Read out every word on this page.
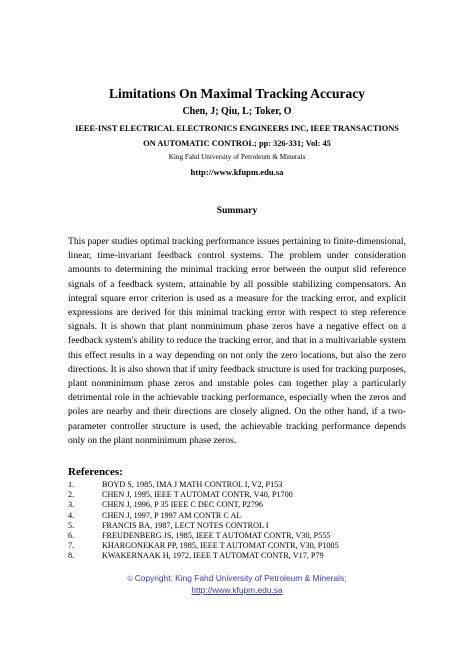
Limitations On Maximal Tracking Accuracy
Chen, J; Qiu, L; Toker, O
IEEE-INST ELECTRICAL ELECTRONICS ENGINEERS INC, IEEE TRANSACTIONS
ON AUTOMATIC CONTROL; pp: 326-331; Vol: 45
King Fahd University of Petroleum & Minerals
http://www.kfupm.edu.sa
Summary

This paper studies optimal tracking performance issues pertaining to finite-dimensional, linear, time-invariant feedback control systems. The problem under consideration amounts to determining the minimal tracking error between the output slid reference signals of a feedback system, attainable by all possible stabilizing compensators. An integral square error criterion is used as a measure for the tracking error, and explicit expressions are derived for this minimal tracking error with respect to step reference signals. It is shown that plant nonminimum phase zeros have a negative effect on a feedback system's ability to reduce the tracking error, and that in a multivariable system this effect results in a way depending on not only the zero locations, but also the zero directions. It is also shown that if unity feedback structure is used for tracking purposes, plant nonminimum phase zeros and unstable poles can together play a particularly detrimental role in the achievable tracking performance, especially when the zeros and poles are nearby and their directions are closely aligned. On the other hand, if a two-parameter controller structure is used, the achievable tracking performance depends only on the plant nonminimum phase zeros.

References:
1.	BOYD S, 1985, IMA J MATH CONTROL I, V2, P153
2.	CHEN J, 1995, IEEE T AUTOMAT CONTR, V40, P1700
3.	CHEN J, 1996, P 35 IEEE C DEC CONT, P2796
4.	CHEN J, 1997, P 1997 AM CONTR C AL
5.	FRANCIS BA, 1987, LECT NOTES CONTROL I
6.	FREUDENBERG JS, 1985, IEEE T AUTOMAT CONTR, V30, P555
7.	KHARGONEKAR PP, 1985, IEEE T AUTOMAT CONTR, V30, P1005
8.	KWAKERNAAK H, 1972, IEEE T AUTOMAT CONTR, V17, P79
© Copyright: King Fahd University of Petroleum & Minerals;
http://www.kfupm.edu.sa
